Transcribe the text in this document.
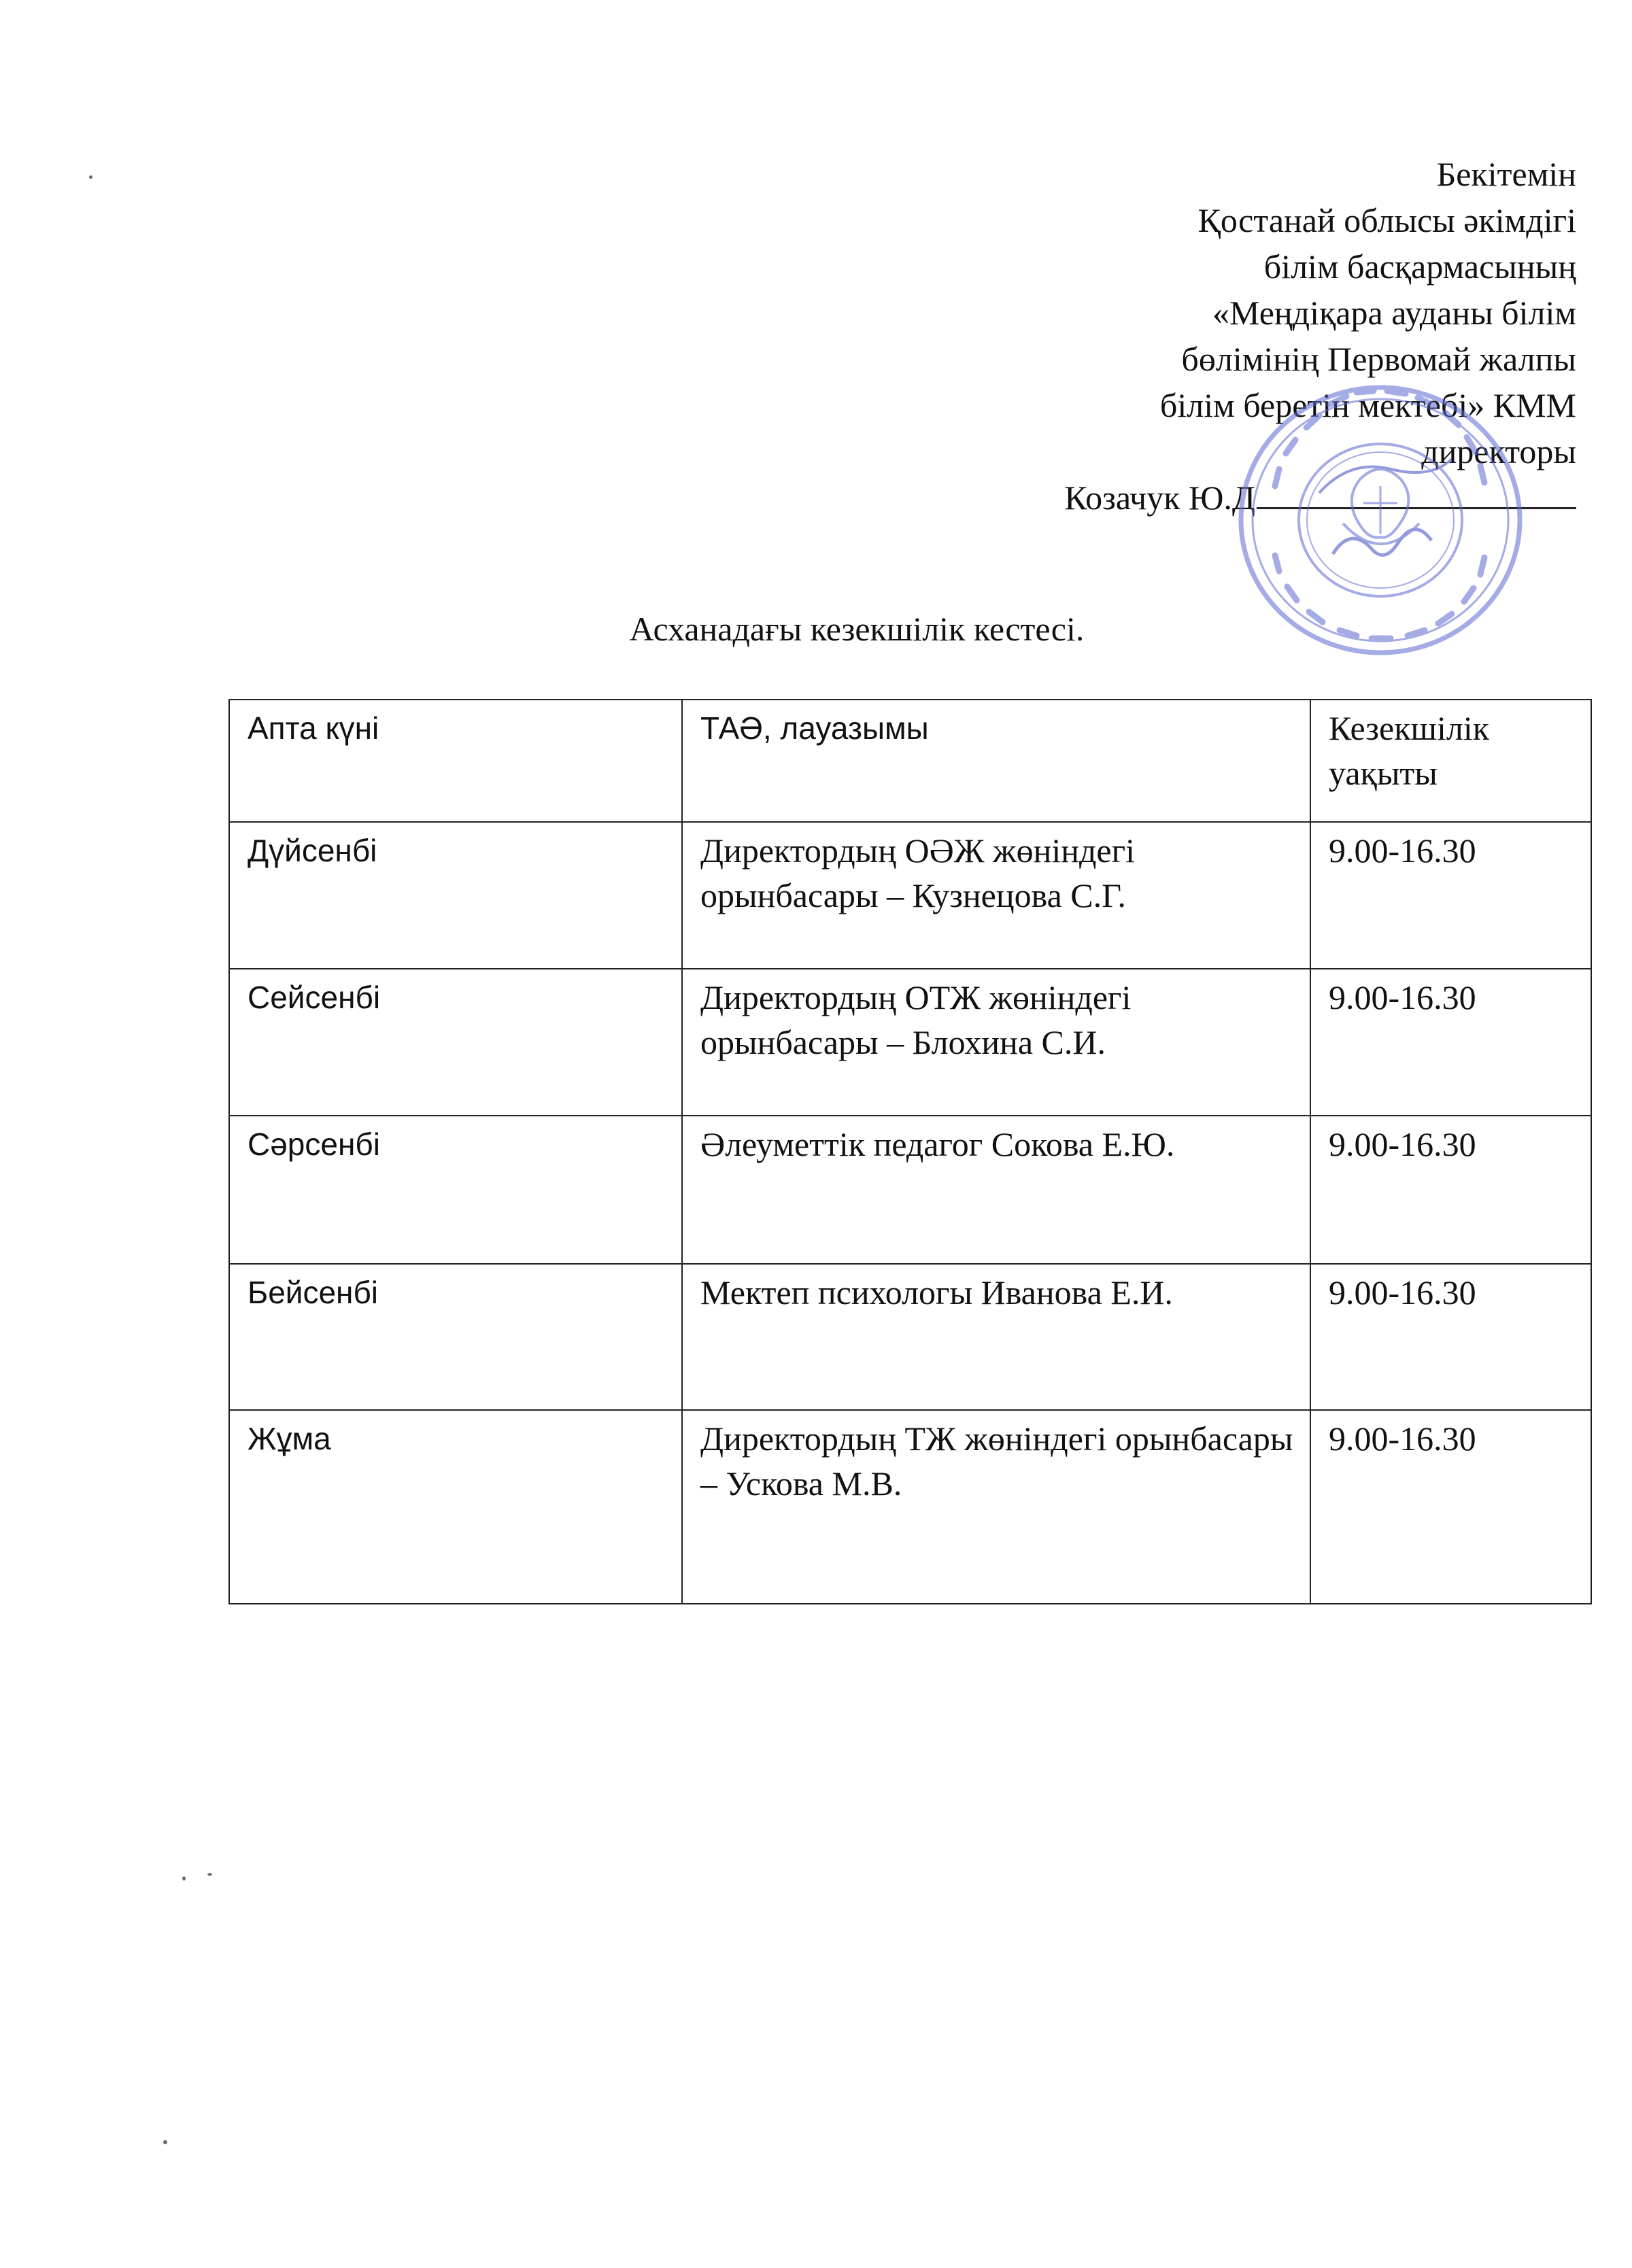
Бекітемін
Қостанай облысы әкімдігі
білім басқармасының
«Меңдіқара ауданы білім
бөлімінің Первомай жалпы
білім беретін мектебі» КММ
директоры
Козачук Ю.Д
Асханадағы кезекшілік кестесі.
Апта күні	ТАӘ, лауазымы	Кезекшілік уақыты
Дүйсенбі	Директордың ОӘЖ жөніндегі орынбасары – Кузнецова С.Г.	9.00-16.30
Сейсенбі	Директордың ОТЖ жөніндегі орынбасары – Блохина С.И.	9.00-16.30
Сәрсенбі	Әлеуметтік педагог Сокова Е.Ю.	9.00-16.30
Бейсенбі	Мектеп психологы Иванова Е.И.	9.00-16.30
Жұма	Директордың ТЖ жөніндегі орынбасары – Ускова М.В.	9.00-16.30
